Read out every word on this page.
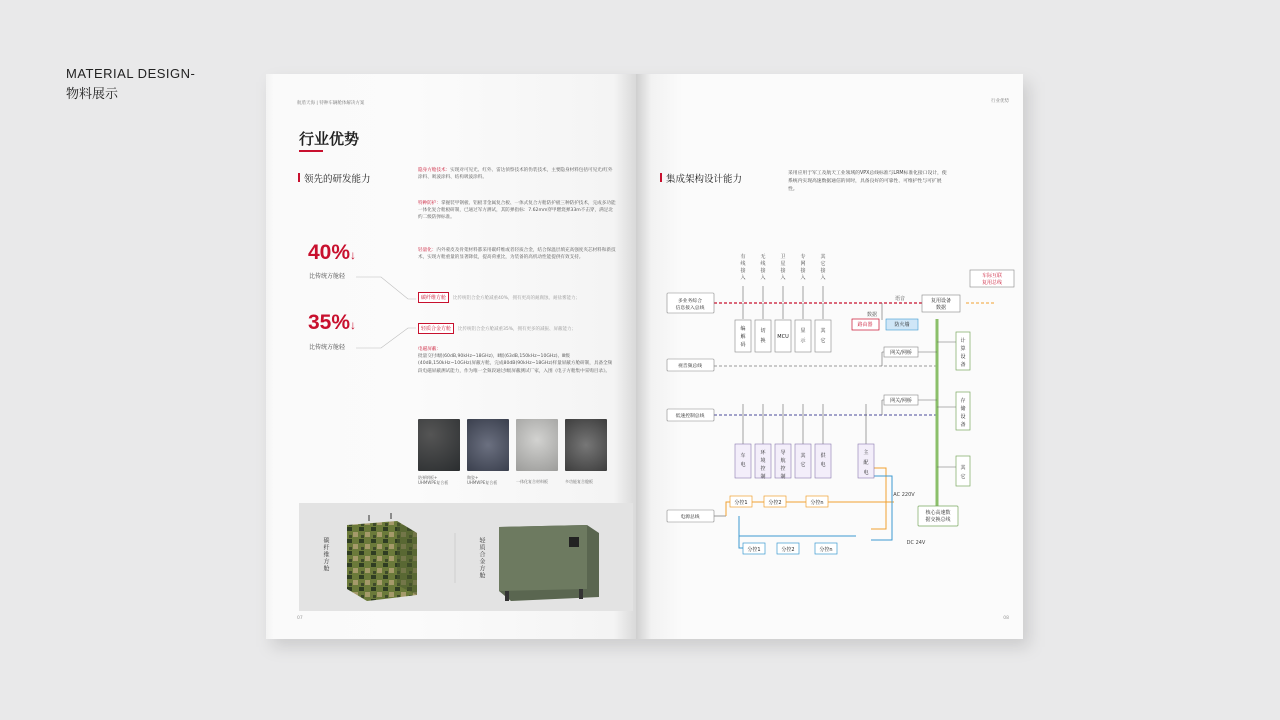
MATERIAL DESIGN-
物料展示
航盾天海 | 特种车辆舱体解决方案
行业优势
领先的研发能力
40%↓
比传统方舱轻
35%↓
比传统方舱轻
隐身方舱技术：实现对可见光、红外、雷达侦察技术的伪装技术，主要隐身材料包括可见光/红外涂料、吸波涂料、结构吸波涂料。
特种防护：掌握装甲钢板、铝板非金属复合板、一体式复合方舱防护板三种防护技术，完成多功能一体化复合舱板研制，已通过军方测试，其防弹指标：7.62mm穿甲燃烧弹33m不击穿，满足北约二级防弹标准。
轻量化：内外蒙皮及骨架材料都采用碳纤维或者轻质合金，结合保温层填充高强度夹芯材料和新技术，实现方舱重量的显著降低，提高荷重比，为装备的高机动性能提供有效支持。
碳纤维方舱	比传统铝合金方舱减重40%，拥有更高的耐腐蚀、耐盐雾能力；
轻质合金方舱	比传统铝合金方舱减重35%，拥有更多的减振、屏蔽能力；
电磁屏蔽：
批量交付Ⅰ级(60dB,90kHz~18GHz)，Ⅱ级(63dB,150kHz~10GHz)、Ⅲ级(40dB,150kHz~10GHz)屏蔽方舱，完成80dB(90kHz~18GHz)样量屏蔽方舱研制，具备全频段电磁屏蔽测试能力，作为唯一全频段通过Ⅰ级屏蔽测试厂家，入围《电子方舱集中采购目录》。
防弹钢板+
UHMWPE复合板
陶瓷+
UHMWPE复合板	一体化复合材料板	多功能复合舱板
碳纤维方舱	轻质合金方舱
07
行业优势
集成架构设计能力
采用应用于军工及航天工业领域的VPX总线标准与LRM标准化接口设计，使系统内实现高速数据通信的同时，具备良好的可靠性、可维护性与可扩展性。
08
有
线
接
入
无
线
接
入
卫
星
接
入
专
网
接
入
其
它
接
入
多业务综合
信息接入总线
视音频总线
低速控制总线
电源总线
编
解
码
切
换
MCU
显
示
其
它
车
电
环
境
控
制
导
航
控
制
其
它
供
电
主
配
电
数据
路由器	防火墙
语音	复用设备
数据
车际互联
复用总线
网关/网桥
网关/网桥
计
算
设
备
存
储
设
备
其
它
核心高速数
据交换总线
分控1	分控2	分控n
分控1	分控2	分控n
AC 220V
DC 24V
